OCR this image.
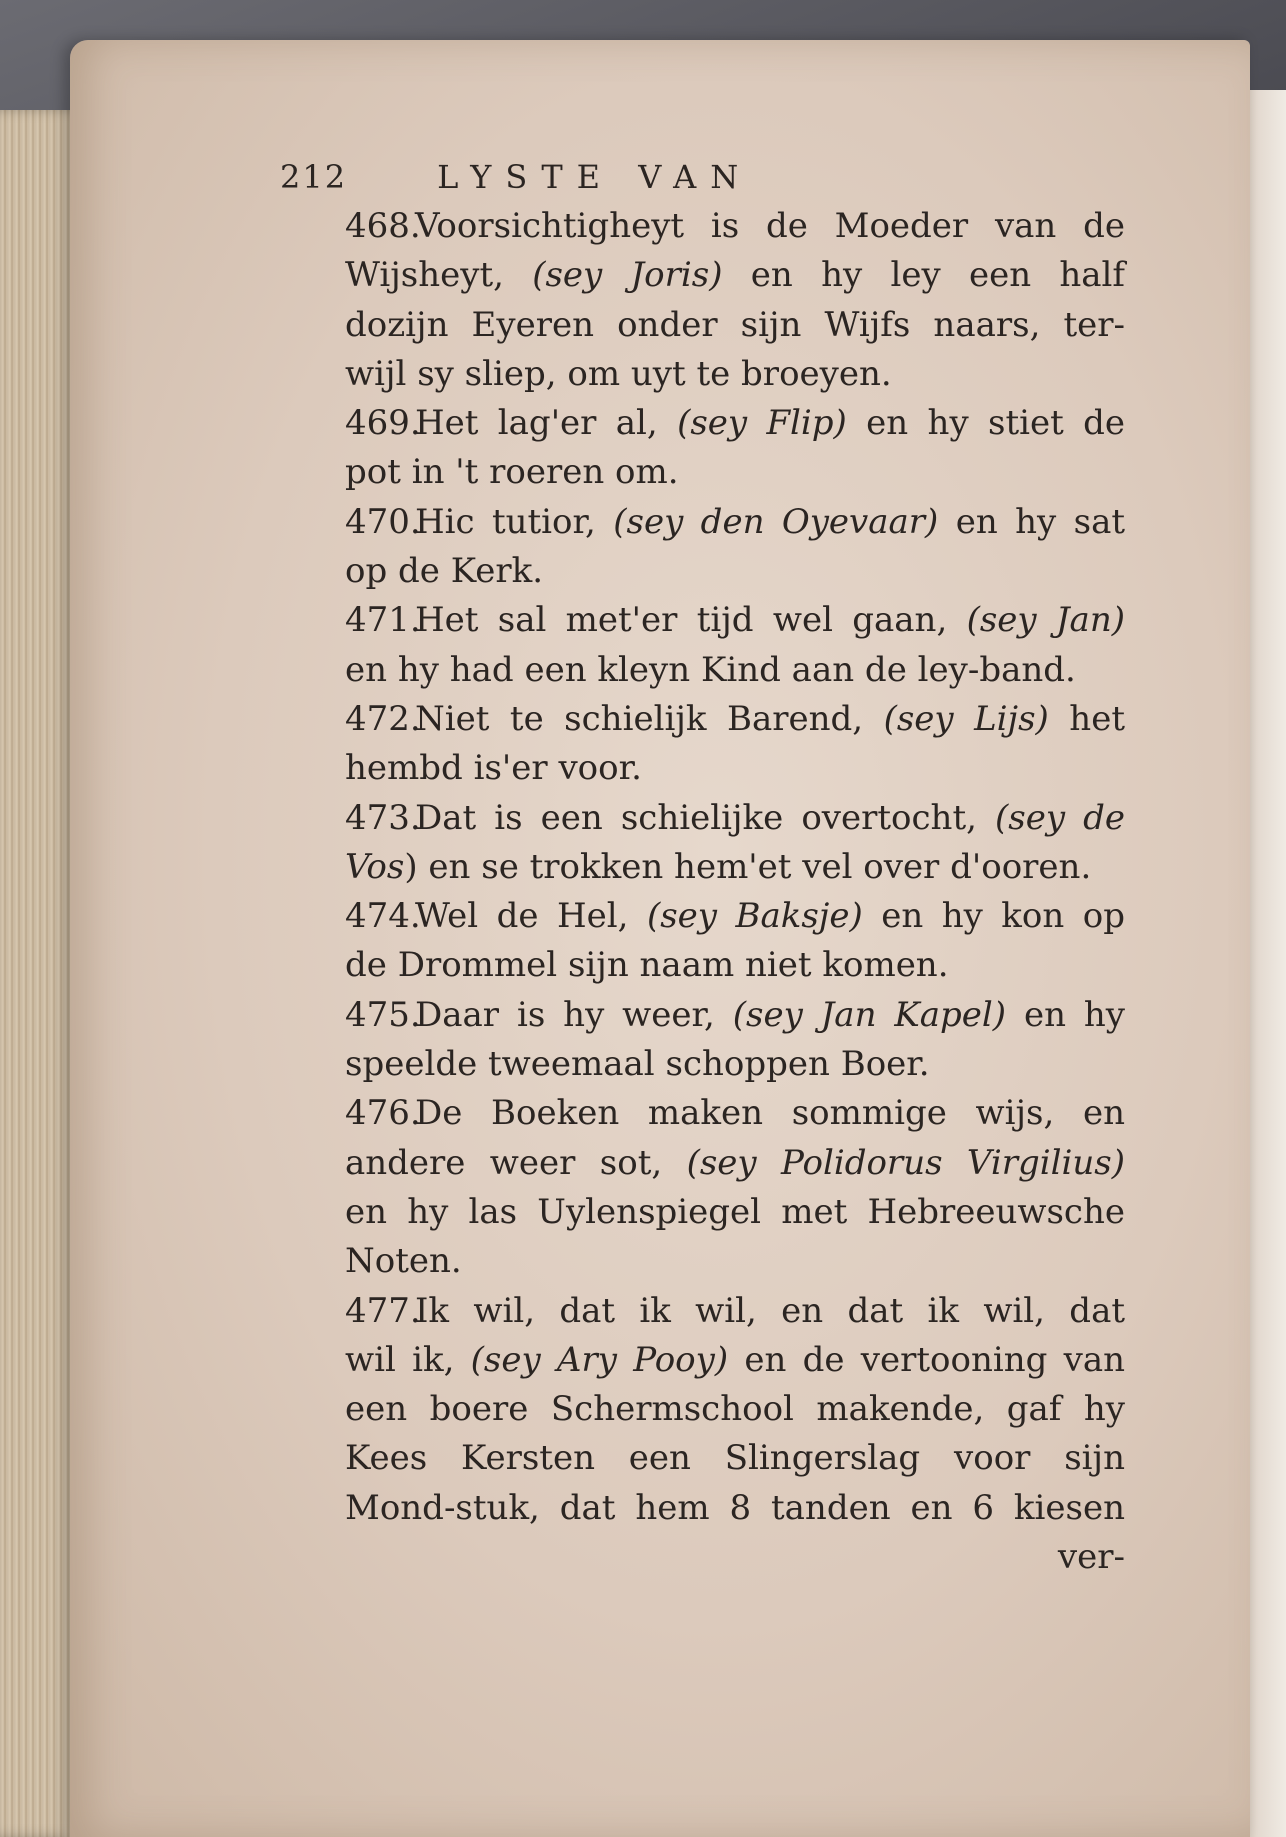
212	LYSTE VAN
468.Voorsichtigheyt is de Moeder van de
Wijsheyt, (sey Joris) en hy ley een half
dozijn Eyeren onder sijn Wijfs naars, ter-
wijl sy sliep, om uyt te broeyen.
469.Het lag'er al, (sey Flip) en hy stiet de
pot in 't roeren om.
470.Hic tutior, (sey den Oyevaar) en hy sat
op de Kerk.
471.Het sal met'er tijd wel gaan, (sey Jan)
en hy had een kleyn Kind aan de ley-band.
472.Niet te schielijk Barend, (sey Lijs) het
hembd is'er voor.
473.Dat is een schielijke overtocht, (sey de
Vos) en se trokken hem'et vel over d'ooren.
474.Wel de Hel, (sey Baksje) en hy kon op
de Drommel sijn naam niet komen.
475.Daar is hy weer, (sey Jan Kapel) en hy
speelde tweemaal schoppen Boer.
476.De Boeken maken sommige wijs, en
andere weer sot, (sey Polidorus Virgilius)
en hy las Uylenspiegel met Hebreeuwsche
Noten.
477.Ik wil, dat ik wil, en dat ik wil, dat
wil ik, (sey Ary Pooy) en de vertooning van
een boere Schermschool makende, gaf hy
Kees Kersten een Slingerslag voor sijn
Mond-stuk, dat hem 8 tanden en 6 kiesen
ver-
